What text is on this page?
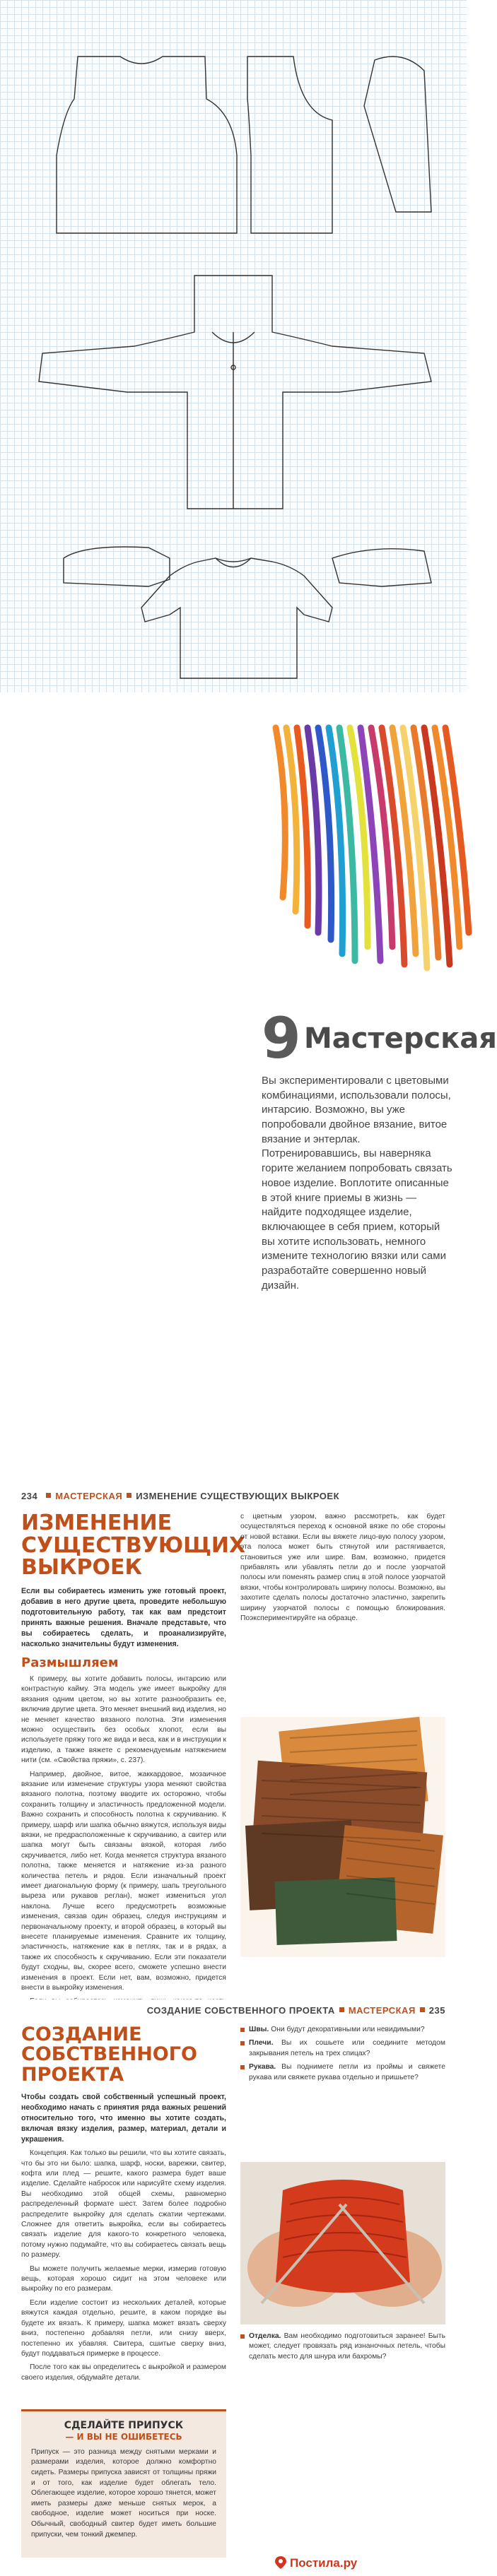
9 Мастерская
Вы экспериментировали с цветовыми комбинациями, использовали полосы, интарсию. Возможно, вы уже попробовали двойное вязание, витое вязание и энтерлак. Потренировавшись, вы наверняка горите желанием попробовать связать новое изделие. Воплотите описанные в этой книге приемы в жизнь — найдите подходящее изделие, включающее в себя прием, который вы хотите использовать, немного измените технологию вязки или сами разработайте совершенно новый дизайн.
234 МАСТЕРСКАЯ ИЗМЕНЕНИЕ СУЩЕСТВУЮЩИХ ВЫКРОЕК
ИЗМЕНЕНИЕ СУЩЕСТВУЮЩИХ ВЫКРОЕК

Если вы собираетесь изменить уже готовый проект, добавив в него другие цвета, проведите небольшую подготовительную работу, так как вам предстоит принять важные решения. Вначале представьте, что вы собираетесь сделать, и проанализируйте, насколько значительны будут изменения.

Размышляем

К примеру, вы хотите добавить полосы, интарсию или контрастную кайму. Эта модель уже имеет выкройку для вязания одним цветом, но вы хотите разнообразить ее, включив другие цвета. Это меняет внешний вид изделия, но не меняет качество вязаного полотна. Эти изменения можно осуществить без особых хлопот, если вы используете пряжу того же вида и веса, как и в инструкции к изделию, а также вяжете с рекомендуемым натяжением нити (см. «Свойства пряжи», с. 237).

Например, двойное, витое, жаккардовое, мозаичное вязание или изменение структуры узора меняют свойства вязаного полотна, поэтому вводите их осторожно, чтобы сохранить толщину и эластичность предложенной модели. Важно сохранить и способность полотна к скручиванию. К примеру, шарф или шапка обычно вяжутся, используя виды вязки, не предрасположенные к скручиванию, а свитер или шапка могут быть связаны вязкой, которая либо скручивается, либо нет. Когда меняется структура вязаного полотна, также меняется и натяжение из-за разного количества петель и рядов. Если изначальный проект имеет диагональную форму (к примеру, шапь треугольного выреза или рукавов реглан), может измениться угол наклона. Лучше всего предусмотреть возможные изменения, связав один образец, следуя инструкциям и первоначальному проекту, и второй образец, в который вы внесете планируемые изменения. Сравните их толщину, эластичность, натяжение как в петлях, так и в рядах, а также их способность к скручиванию. Если эти показатели будут сходны, вы, скорее всего, сможете успешно внести изменения в проект. Если нет, вам, возможно, придется внести в выкройку изменения.

с цветным узором, важно рассмотреть, как будет осуществляться переход к основной вязке по обе стороны от новой вставки. Если вы вяжете лицо-вую полосу узором, эта полоса может быть стянутой или растягивается, становиться уже или шире. Вам, возможно, придется прибавлять или убавлять петли до и после узорчатой полосы или поменять размер спиц в этой полосе узорчатой вязки, чтобы контролировать ширину полосы. Возможно, вы захотите сделать полосы достаточно эластично, закрепить ширину узорчатой полосы с помощью блокирования. Поэкспериментируйте на образце.

СОЗДАНИЕ СОБСТВЕННОГО ПРОЕКТА МАСТЕРСКАЯ 235
СОЗДАНИЕ СОБСТВЕННОГО ПРОЕКТА

Чтобы создать свой собственный успешный проект, необходимо начать с принятия ряда важных решений относительно того, что именно вы хотите создать, включая вязку изделия, размер, материал, детали и украшения.

Концепция. Как только вы решили, что вы хотите связать, что бы это ни было: шапка, шарф, носки, варежки, свитер, кофта или плед — решите, какого размера будет ваше изделие. Сделайте набросок или нарисуйте схему изделия. Вы необходимо этой общей схемы, равномерно распределенный формате шест. Затем более подробно распределите выкройку для сделать сжатии чертежами. Сложнее для ответить выкройка, если вы собираетесь связать изделие для какого-то конкретного человека, потому нужно подумайте, что вы собираетесь связать вещь по размеру.

Вы можете получить желаемые мерки, измерив готовую вещь, которая хорошо сидит на этом человеке или выкройку по его размерам.

Если изделие состоит из нескольких деталей, которые вяжутся каждая отдельно, решите, в каком порядке вы будете их вязать. К примеру, шапка может вязать сверху вниз, постепенно добавляя петли, или снизу вверх, постепенно их убавляя. Свитера, сшитые сверху вниз, будут поддаваться примерке в процессе.

После того как вы определитесь с выкройкой и размером своего изделия, обдумайте детали.

Швы. Они будут декоративными или невидимыми?

Плечи. Вы их сошьете или соедините методом закрывания петель на трех спицах?

Рукава. Вы поднимете петли из проймы и свяжете рукава или свяжете рукава отдельно и пришьете?

Отделка. Вам необходимо подготовиться заранее! Быть может, следует провязать ряд изнаночных петель, чтобы сделать место для шнура или бахромы?

СДЕЛАЙТЕ ПРИПУСК
— И ВЫ НЕ ОШИБЕТЕСЬ

Припуск — это разница между снятыми мерками и размерами изделия, которое должно комфортно сидеть. Размеры припуска зависят от толщины пряжи и от того, как изделие будет облегать тело. Облегающее изделие, которое хорошо тянется, может иметь размеры даже меньше снятых мерок, а свободное, изделие может носиться при носке. Обычный, свободный свитер будет иметь большие припуски, чем тонкий джемпер.

Постила.ру
